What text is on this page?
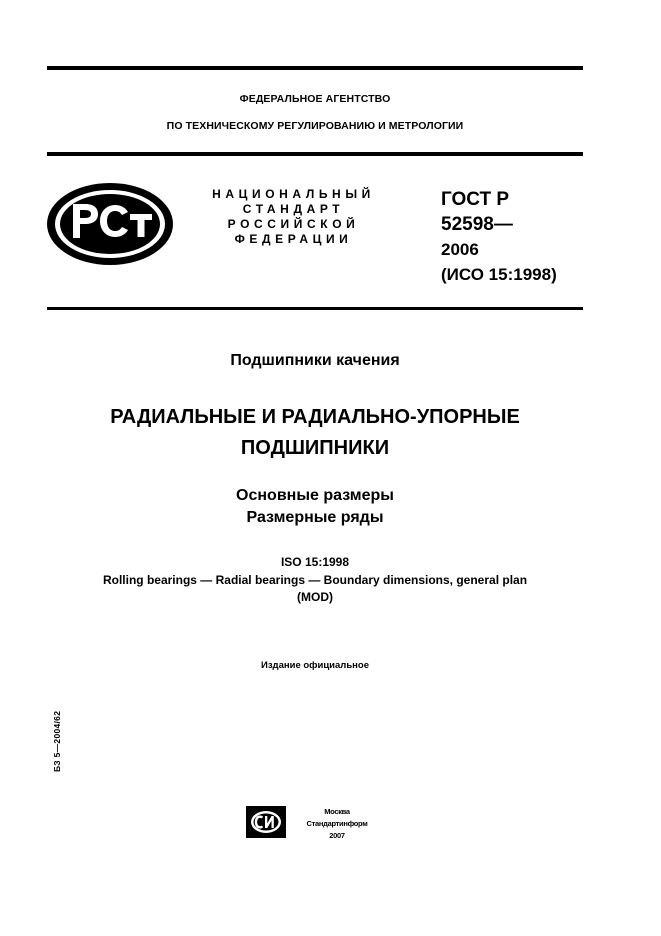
ФЕДЕРАЛЬНОЕ АГЕНТСТВО
ПО ТЕХНИЧЕСКОМУ РЕГУЛИРОВАНИЮ И МЕТРОЛОГИИ
НАЦИОНАЛЬНЫЙ
СТАНДАРТ
РОССИЙСКОЙ
ФЕДЕРАЦИИ
ГОСТ Р
52598—
2006
(ИСО 15:1998)
Подшипники качения
РАДИАЛЬНЫЕ И РАДИАЛЬНО-УПОРНЫЕ
ПОДШИПНИКИ
Основные размеры
Размерные ряды
ISO 15:1998
Rolling bearings — Radial bearings — Boundary dimensions, general plan
(MOD)
Издание официальное
БЗ 5—2004/62
Москва
Стандартинформ
2007
